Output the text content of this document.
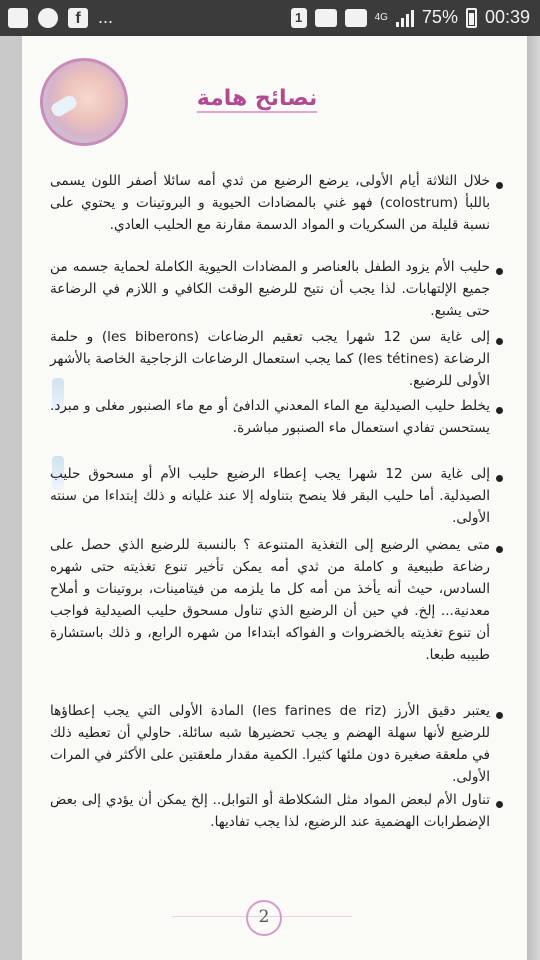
f ...	1	4G 75% 00:39
نصائح هامة
خلال الثلاثة أيام الأولى، يرضع الرضيع من ثدي أمه سائلا أصفر اللون يسمى باللبأ (colostrum) فهو غني بالمضادات الحيوية و البروتينات و يحتوي على نسبة قليلة من السكريات و المواد الدسمة مقارنة مع الحليب العادي.
حليب الأم يزود الطفل بالعناصر و المضادات الحيوية الكاملة لحماية جسمه من جميع الإلتهابات. لذا يجب أن نتيح للرضيع الوقت الكافي و اللازم في الرضاعة حتى يشبع.
إلى غاية سن 12 شهرا يجب تعقيم الرضاعات (les biberons) و حلمة الرضاعة (les tétines) كما يجب استعمال الرضاعات الزجاجية الخاصة بالأشهر الأولى للرضيع.
يخلط حليب الصيدلية مع الماء المعدني الدافئ أو مع ماء الصنبور مغلى و مبرد. يستحسن تفادي استعمال ماء الصنبور مباشرة.
إلى غاية سن 12 شهرا يجب إعطاء الرضيع حليب الأم أو مسحوق حليب الصيدلية. أما حليب البقر فلا ينصح بتناوله إلا عند غليانه و ذلك إبتداءا من سنته الأولى.
متى يمضي الرضيع إلى التغذية المتنوعة ؟ بالنسبة للرضيع الذي حصل على رضاعة طبيعية و كاملة من ثدي أمه يمكن تأخير تنوع تغذيته حتى شهره السادس، حيث أنه يأخذ من أمه كل ما يلزمه من فيتامينات، بروتينات و أملاح معدنية... إلخ. في حين أن الرضيع الذي تناول مسحوق حليب الصيدلية فواجب أن تنوع تغذيته بالخضروات و الفواكه ابتداءا من شهره الرابع، و ذلك باستشارة طبيبه طبعا.
يعتبر دقيق الأرز (les farines de riz) المادة الأولى التي يجب إعطاؤها للرضيع لأنها سهلة الهضم و يجب تحضيرها شبه سائلة. حاولي أن تعطيه ذلك في ملعقة صغيرة دون ملئها كثيرا. الكمية مقدار ملعقتين على الأكثر في المرات الأولى.
تناول الأم لبعض المواد مثل الشكلاطة أو التوابل.. إلخ يمكن أن يؤدي إلى بعض الإضطرابات الهضمية عند الرضيع، لذا يجب تفاديها.
2
